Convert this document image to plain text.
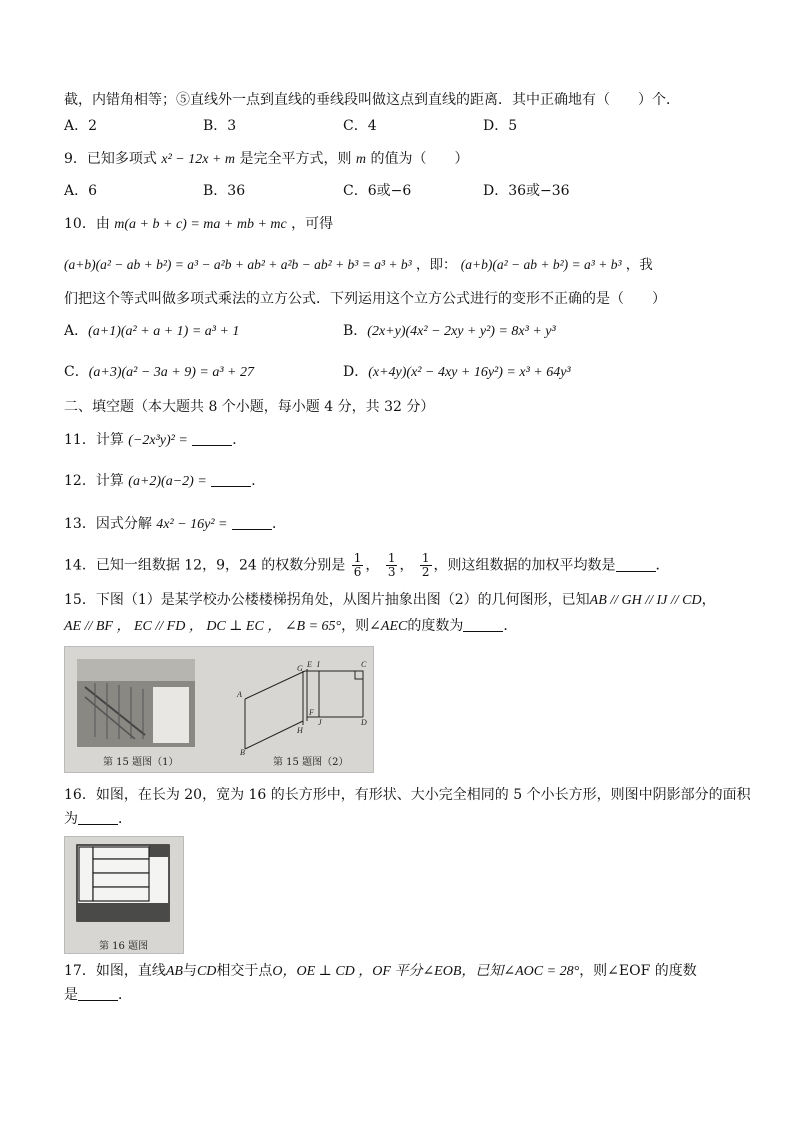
截，内错角相等；⑤直线外一点到直线的垂线段叫做这点到直线的距离．其中正确地有（　　）个．
A．2	B．3	C．4	D．5
9．已知多项式 x² − 12x + m 是完全平方式，则 m 的值为（　　）
A．6	B．36	C．6或−6	D．36或−36
10．由 m(a + b + c) = ma + mb + mc ，可得
(a+b)(a² − ab + b²) = a³ − a²b + ab² + a²b − ab² + b³ = a³ + b³ ，即： (a+b)(a² − ab + b²) = a³ + b³ ，我
们把这个等式叫做多项式乘法的立方公式．下列运用这个立方公式进行的变形不正确的是（　　）
A．(a+1)(a² + a + 1) = a³ + 1	B．(2x+y)(4x² − 2xy + y²) = 8x³ + y³
C．(a+3)(a² − 3a + 9) = a³ + 27	D．(x+4y)(x² − 4xy + 16y²) = x³ + 64y³
二、填空题（本大题共 8 个小题，每小题 4 分，共 32 分）
11．计算 (−2x³y)² =	．
12．计算 (a+2)(a−2) =	．
13．因式分解 4x² − 16y² =	．
14．已知一组数据 12，9，24 的权数分别是 $\frac{1}{6}$ ， $\frac{1}{3}$ ， $\frac{1}{2}$ ，则这组数据的加权平均数是	．
15．下图（1）是某学校办公楼楼梯拐角处，从图片抽象出图（2）的几何图形，已知AB // GH // IJ // CD，
AE // BF ， EC // FD ， DC ⊥ EC ， ∠B = 65°，则∠AEC的度数为	．
A
B
G E I	C
F
H
J	D
第 15 题图（1）	第 15 题图（2）
16．如图，在长为 20，宽为 16 的长方形中，有形状、大小完全相同的 5 个小长方形，则图中阴影部分的面积
为	．
第 16 题图
17．如图，直线AB与CD相交于点O，OE ⊥ CD ，OF 平分∠EOB，已知∠AOC = 28°，则∠EOF 的度数
是	．
